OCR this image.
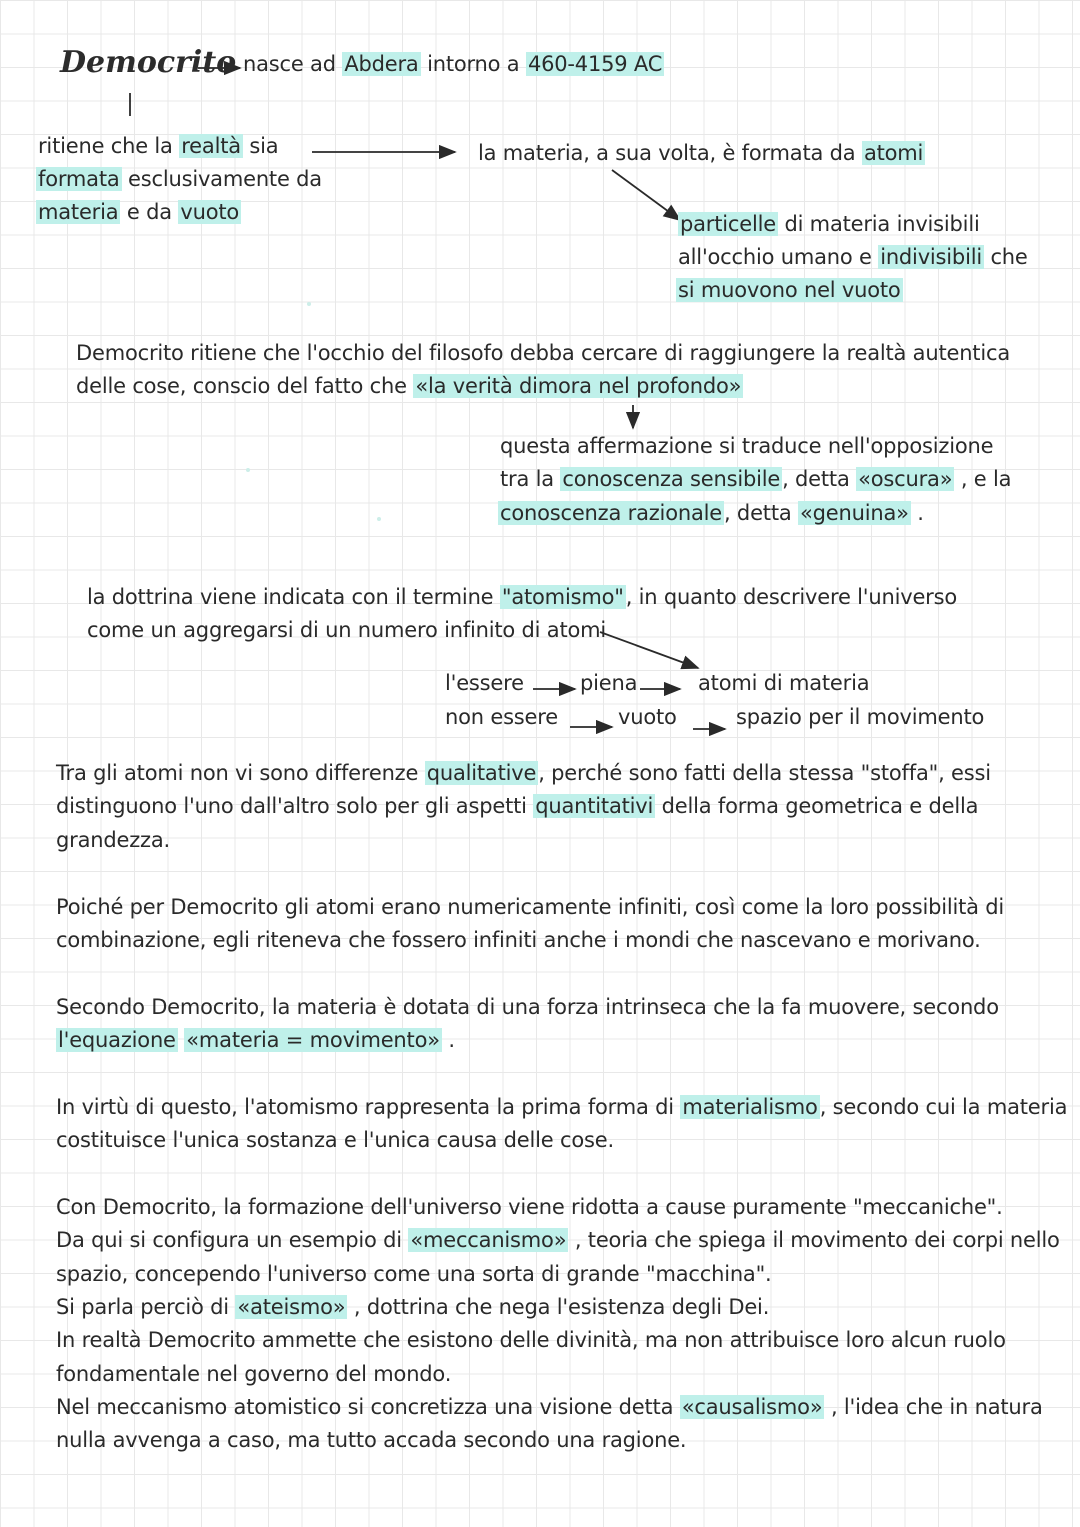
Democrito nasce ad Abdera intorno a 460-4159 AC
ritiene che la realtà sia
formata esclusivamente da
materia e da vuoto
la materia, a sua volta, è formata da atomi
particelle di materia invisibili
all'occhio umano e indivisibili che
si muovono nel vuoto
Democrito ritiene che l'occhio del filosofo debba cercare di raggiungere la realtà autentica
delle cose, conscio del fatto che «la verità dimora nel profondo»
questa affermazione si traduce nell'opposizione
tra la conoscenza sensibile, detta «oscura» , e la
conoscenza razionale, detta «genuina» .
la dottrina viene indicata con il termine "atomismo", in quanto descrivere l'universo
come un aggregarsi di un numero infinito di atomi
l'essere	piena	atomi di materia
non essere	vuoto	spazio per il movimento
Tra gli atomi non vi sono differenze qualitative, perché sono fatti della stessa "stoffa", essi
distinguono l'uno dall'altro solo per gli aspetti quantitativi della forma geometrica e della
grandezza.
Poiché per Democrito gli atomi erano numericamente infiniti, così come la loro possibilità di
combinazione, egli riteneva che fossero infiniti anche i mondi che nascevano e morivano.
Secondo Democrito, la materia è dotata di una forza intrinseca che la fa muovere, secondo
l'equazione «materia = movimento» .
In virtù di questo, l'atomismo rappresenta la prima forma di materialismo, secondo cui la materia
costituisce l'unica sostanza e l'unica causa delle cose.
Con Democrito, la formazione dell'universo viene ridotta a cause puramente "meccaniche".
Da qui si configura un esempio di «meccanismo» , teoria che spiega il movimento dei corpi nello
spazio, concependo l'universo come una sorta di grande "macchina".
Si parla perciò di «ateismo» , dottrina che nega l'esistenza degli Dei.
In realtà Democrito ammette che esistono delle divinità, ma non attribuisce loro alcun ruolo
fondamentale nel governo del mondo.
Nel meccanismo atomistico si concretizza una visione detta «causalismo» , l'idea che in natura
nulla avvenga a caso, ma tutto accada secondo una ragione.
